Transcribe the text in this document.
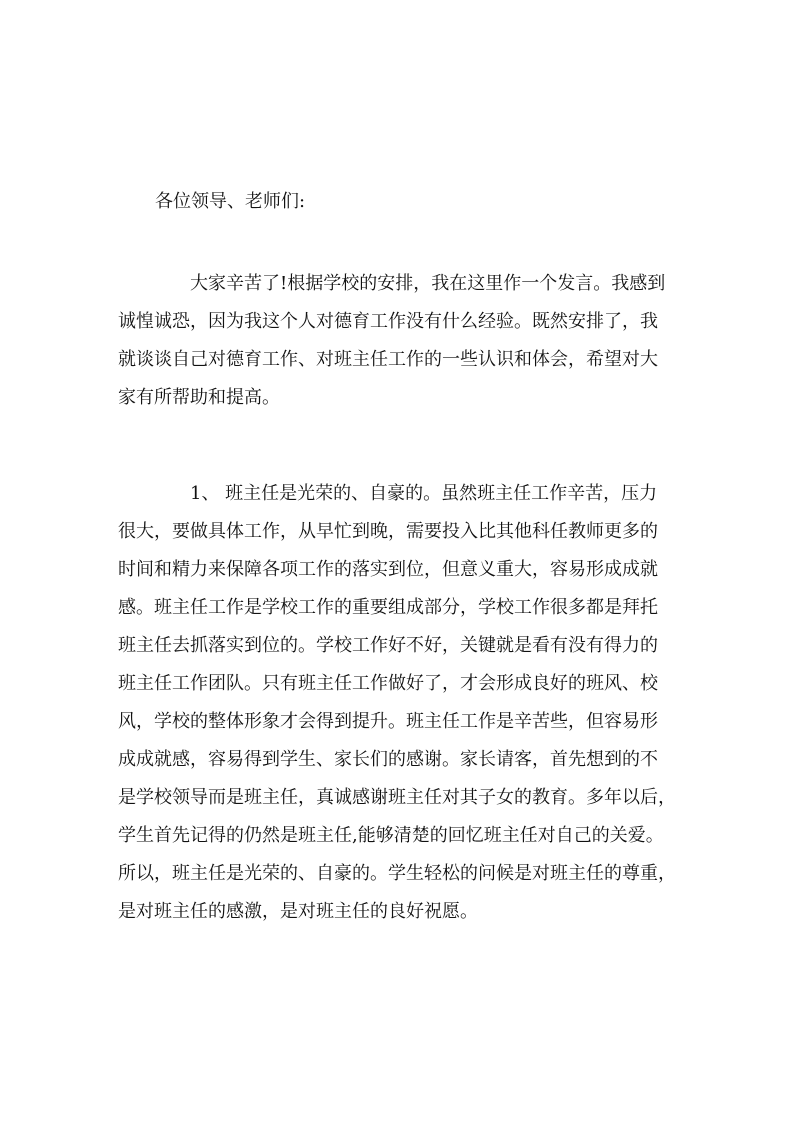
各位领导、老师们:
大家辛苦了!根据学校的安排，我在这里作一个发言。我感到
诚惶诚恐，因为我这个人对德育工作没有什么经验。既然安排了，我
就谈谈自己对德育工作、对班主任工作的一些认识和体会，希望对大
家有所帮助和提高。
1、 班主任是光荣的、自豪的。虽然班主任工作辛苦，压力
很大，要做具体工作，从早忙到晚，需要投入比其他科任教师更多的
时间和精力来保障各项工作的落实到位，但意义重大，容易形成成就
感。班主任工作是学校工作的重要组成部分，学校工作很多都是拜托
班主任去抓落实到位的。学校工作好不好，关键就是看有没有得力的
班主任工作团队。只有班主任工作做好了，才会形成良好的班风、校
风，学校的整体形象才会得到提升。班主任工作是辛苦些，但容易形
成成就感，容易得到学生、家长们的感谢。家长请客，首先想到的不
是学校领导而是班主任，真诚感谢班主任对其子女的教育。多年以后，
学生首先记得的仍然是班主任,能够清楚的回忆班主任对自己的关爱。
所以，班主任是光荣的、自豪的。学生轻松的问候是对班主任的尊重，
是对班主任的感激，是对班主任的良好祝愿。
